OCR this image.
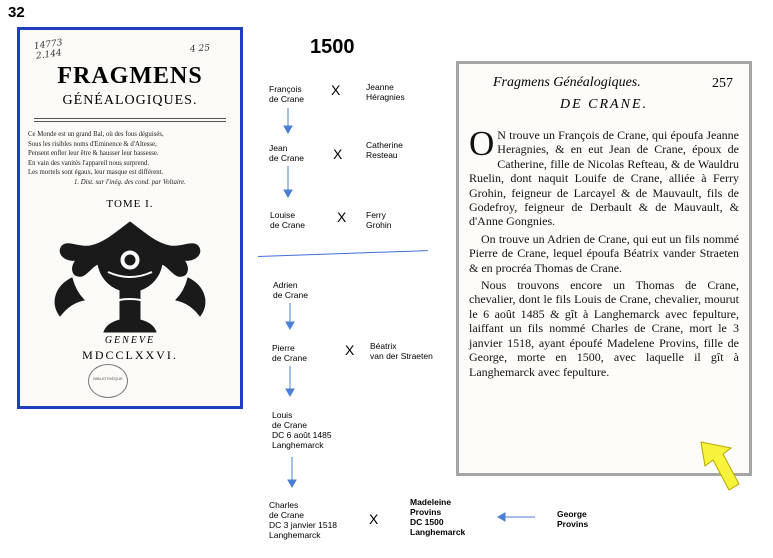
32
1500
14773
2.144	4 25
FRAGMENS
GÉNÉALOGIQUES.
Ce Monde est un grand Bal, où des fous déguisés,
Sous les risibles noms d'Eminence & d'Altesse,
Pensent enfler leur être & hausser leur bassesse.
En vain des vanités l'appareil nous surprend.
Les mortels sont égaux, leur masque est différent.
1. Dist. sur l'inég. des cond. par Voltaire.
TOME I.
GENEVE
MDCCLXXVI.
BIBLIOTHÈQUE
François
de Crane
X	Jeanne
Héragnies
Jean
de Crane X
Catherine
Resteau
Louise
de Crane X Ferry
Grohin
Adrien
de Crane
Pierre
de Crane	X Béatrix
van der Straeten
Louis
de Crane
DC 6 août 1485
Langhemarck
Charles
de Crane
DC 3 janvier 1518
Langhemarck
X
Madeleine
Provins
DC 1500
Langhemarck
George
Provins
Fragmens Généalogiques.	257
DE CRANE.

O N trouve un François de Crane, qui époufa Jeanne Heragnies, & en eut Jean de Crane, époux de Catherine, fille de Nicolas Refteau, & de Wauldru Ruelin, dont naquit Louife de Crane, alliée à Ferry Grohin, feigneur de Larcayel & de Mauvault, fils de Godefroy, feigneur de Derbault & de Mauvault, & d'Anne Gongnies.

On trouve un Adrien de Crane, qui eut un fils nommé Pierre de Crane, lequel époufa Béatrix vander Straeten & en procréa Thomas de Crane.

Nous trouvons encore un Thomas de Crane, chevalier, dont le fils Louis de Crane, chevalier, mourut le 6 août 1485 & gît à Langhemarck avec fepulture, laiffant un fils nommé Charles de Crane, mort le 3 janvier 1518, ayant époufé Madelene Provins, fille de George, morte en 1500, avec laquelle il gît à Langhemarck avec fepulture.
